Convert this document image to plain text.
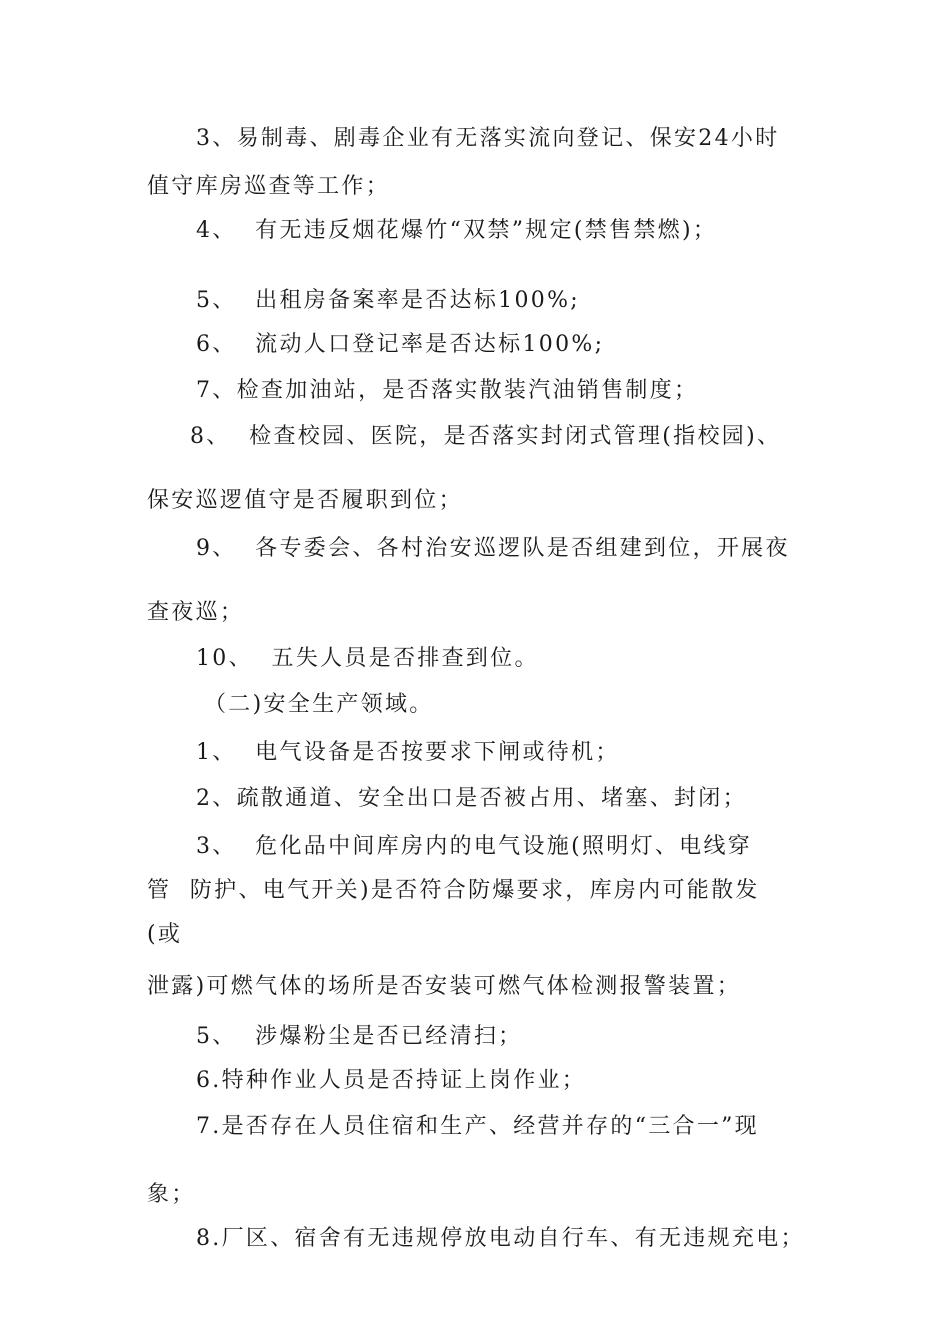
3、易制毒、剧毒企业有无落实流向登记、保安24小时

值守库房巡查等工作；

4、  有无违反烟花爆竹“双禁”规定(禁售禁燃)；

5、  出租房备案率是否达标100%;

6、  流动人口登记率是否达标100%;

7、检查加油站，是否落实散装汽油销售制度；

8、  检查校园、医院，是否落实封闭式管理(指校园)、

保安巡逻值守是否履职到位；

9、  各专委会、各村治安巡逻队是否组建到位，开展夜

查夜巡；

10、  五失人员是否排查到位。

（二)安全生产领域。

1、  电气设备是否按要求下闸或待机；

2、疏散通道、安全出口是否被占用、堵塞、封闭；

3、  危化品中间库房内的电气设施(照明灯、电线穿

管  防护、电气开关)是否符合防爆要求，库房内可能散发

(或

泄露)可燃气体的场所是否安装可燃气体检测报警装置；

5、  涉爆粉尘是否已经清扫；

6.特种作业人员是否持证上岗作业；

7.是否存在人员住宿和生产、经营并存的“三合一”现

象；

8.厂区、宿舍有无违规停放电动自行车、有无违规充电；
